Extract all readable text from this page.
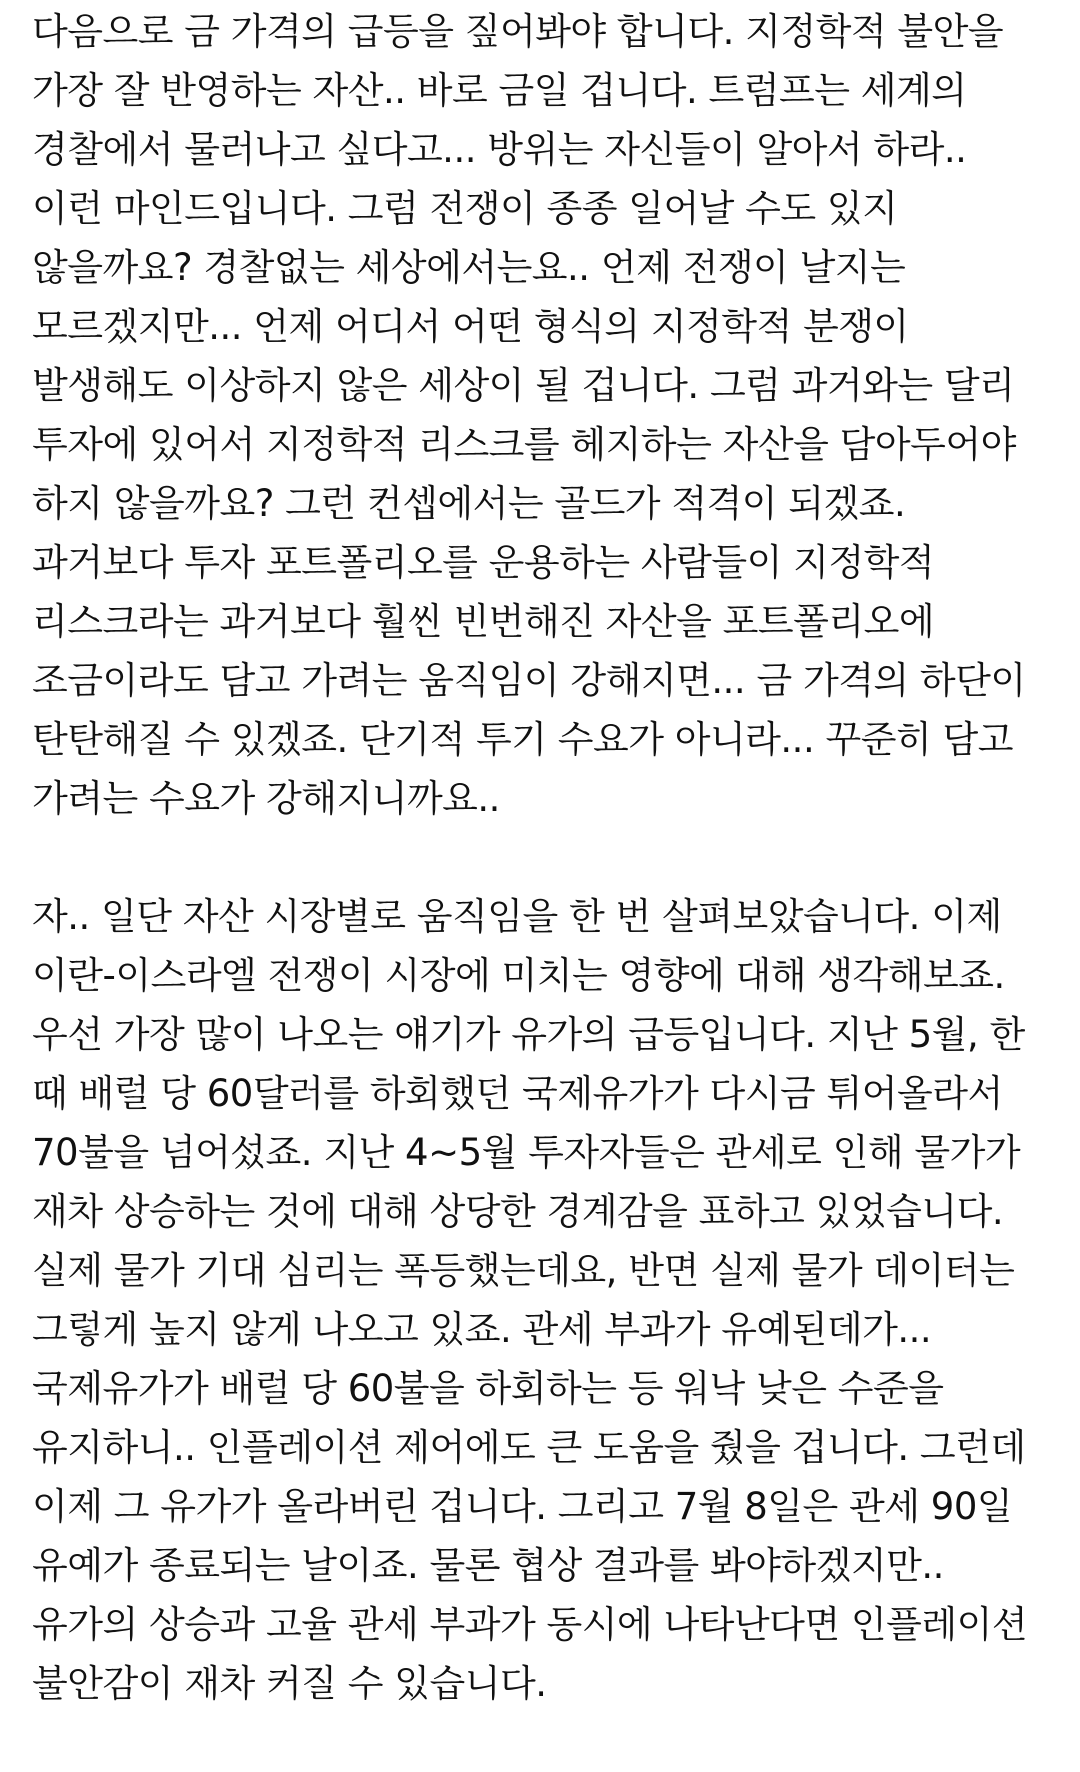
다음으로 금 가격의 급등을 짚어봐야 합니다. 지정학적 불안을
가장 잘 반영하는 자산.. 바로 금일 겁니다. 트럼프는 세계의
경찰에서 물러나고 싶다고... 방위는 자신들이 알아서 하라..
이런 마인드입니다. 그럼 전쟁이 종종 일어날 수도 있지
않을까요? 경찰없는 세상에서는요.. 언제 전쟁이 날지는
모르겠지만... 언제 어디서 어떤 형식의 지정학적 분쟁이
발생해도 이상하지 않은 세상이 될 겁니다. 그럼 과거와는 달리
투자에 있어서 지정학적 리스크를 헤지하는 자산을 담아두어야
하지 않을까요? 그런 컨셉에서는 골드가 적격이 되겠죠.
과거보다 투자 포트폴리오를 운용하는 사람들이 지정학적
리스크라는 과거보다 훨씬 빈번해진 자산을 포트폴리오에
조금이라도 담고 가려는 움직임이 강해지면... 금 가격의 하단이
탄탄해질 수 있겠죠. 단기적 투기 수요가 아니라... 꾸준히 담고
가려는 수요가 강해지니까요..
자.. 일단 자산 시장별로 움직임을 한 번 살펴보았습니다. 이제
이란-이스라엘 전쟁이 시장에 미치는 영향에 대해 생각해보죠.
우선 가장 많이 나오는 얘기가 유가의 급등입니다. 지난 5월, 한
때 배럴 당 60달러를 하회했던 국제유가가 다시금 튀어올라서
70불을 넘어섰죠. 지난 4~5월 투자자들은 관세로 인해 물가가
재차 상승하는 것에 대해 상당한 경계감을 표하고 있었습니다.
실제 물가 기대 심리는 폭등했는데요, 반면 실제 물가 데이터는
그렇게 높지 않게 나오고 있죠. 관세 부과가 유예된데가...
국제유가가 배럴 당 60불을 하회하는 등 워낙 낮은 수준을
유지하니.. 인플레이션 제어에도 큰 도움을 줬을 겁니다. 그런데
이제 그 유가가 올라버린 겁니다. 그리고 7월 8일은 관세 90일
유예가 종료되는 날이죠. 물론 협상 결과를 봐야하겠지만..
유가의 상승과 고율 관세 부과가 동시에 나타난다면 인플레이션
불안감이 재차 커질 수 있습니다.
